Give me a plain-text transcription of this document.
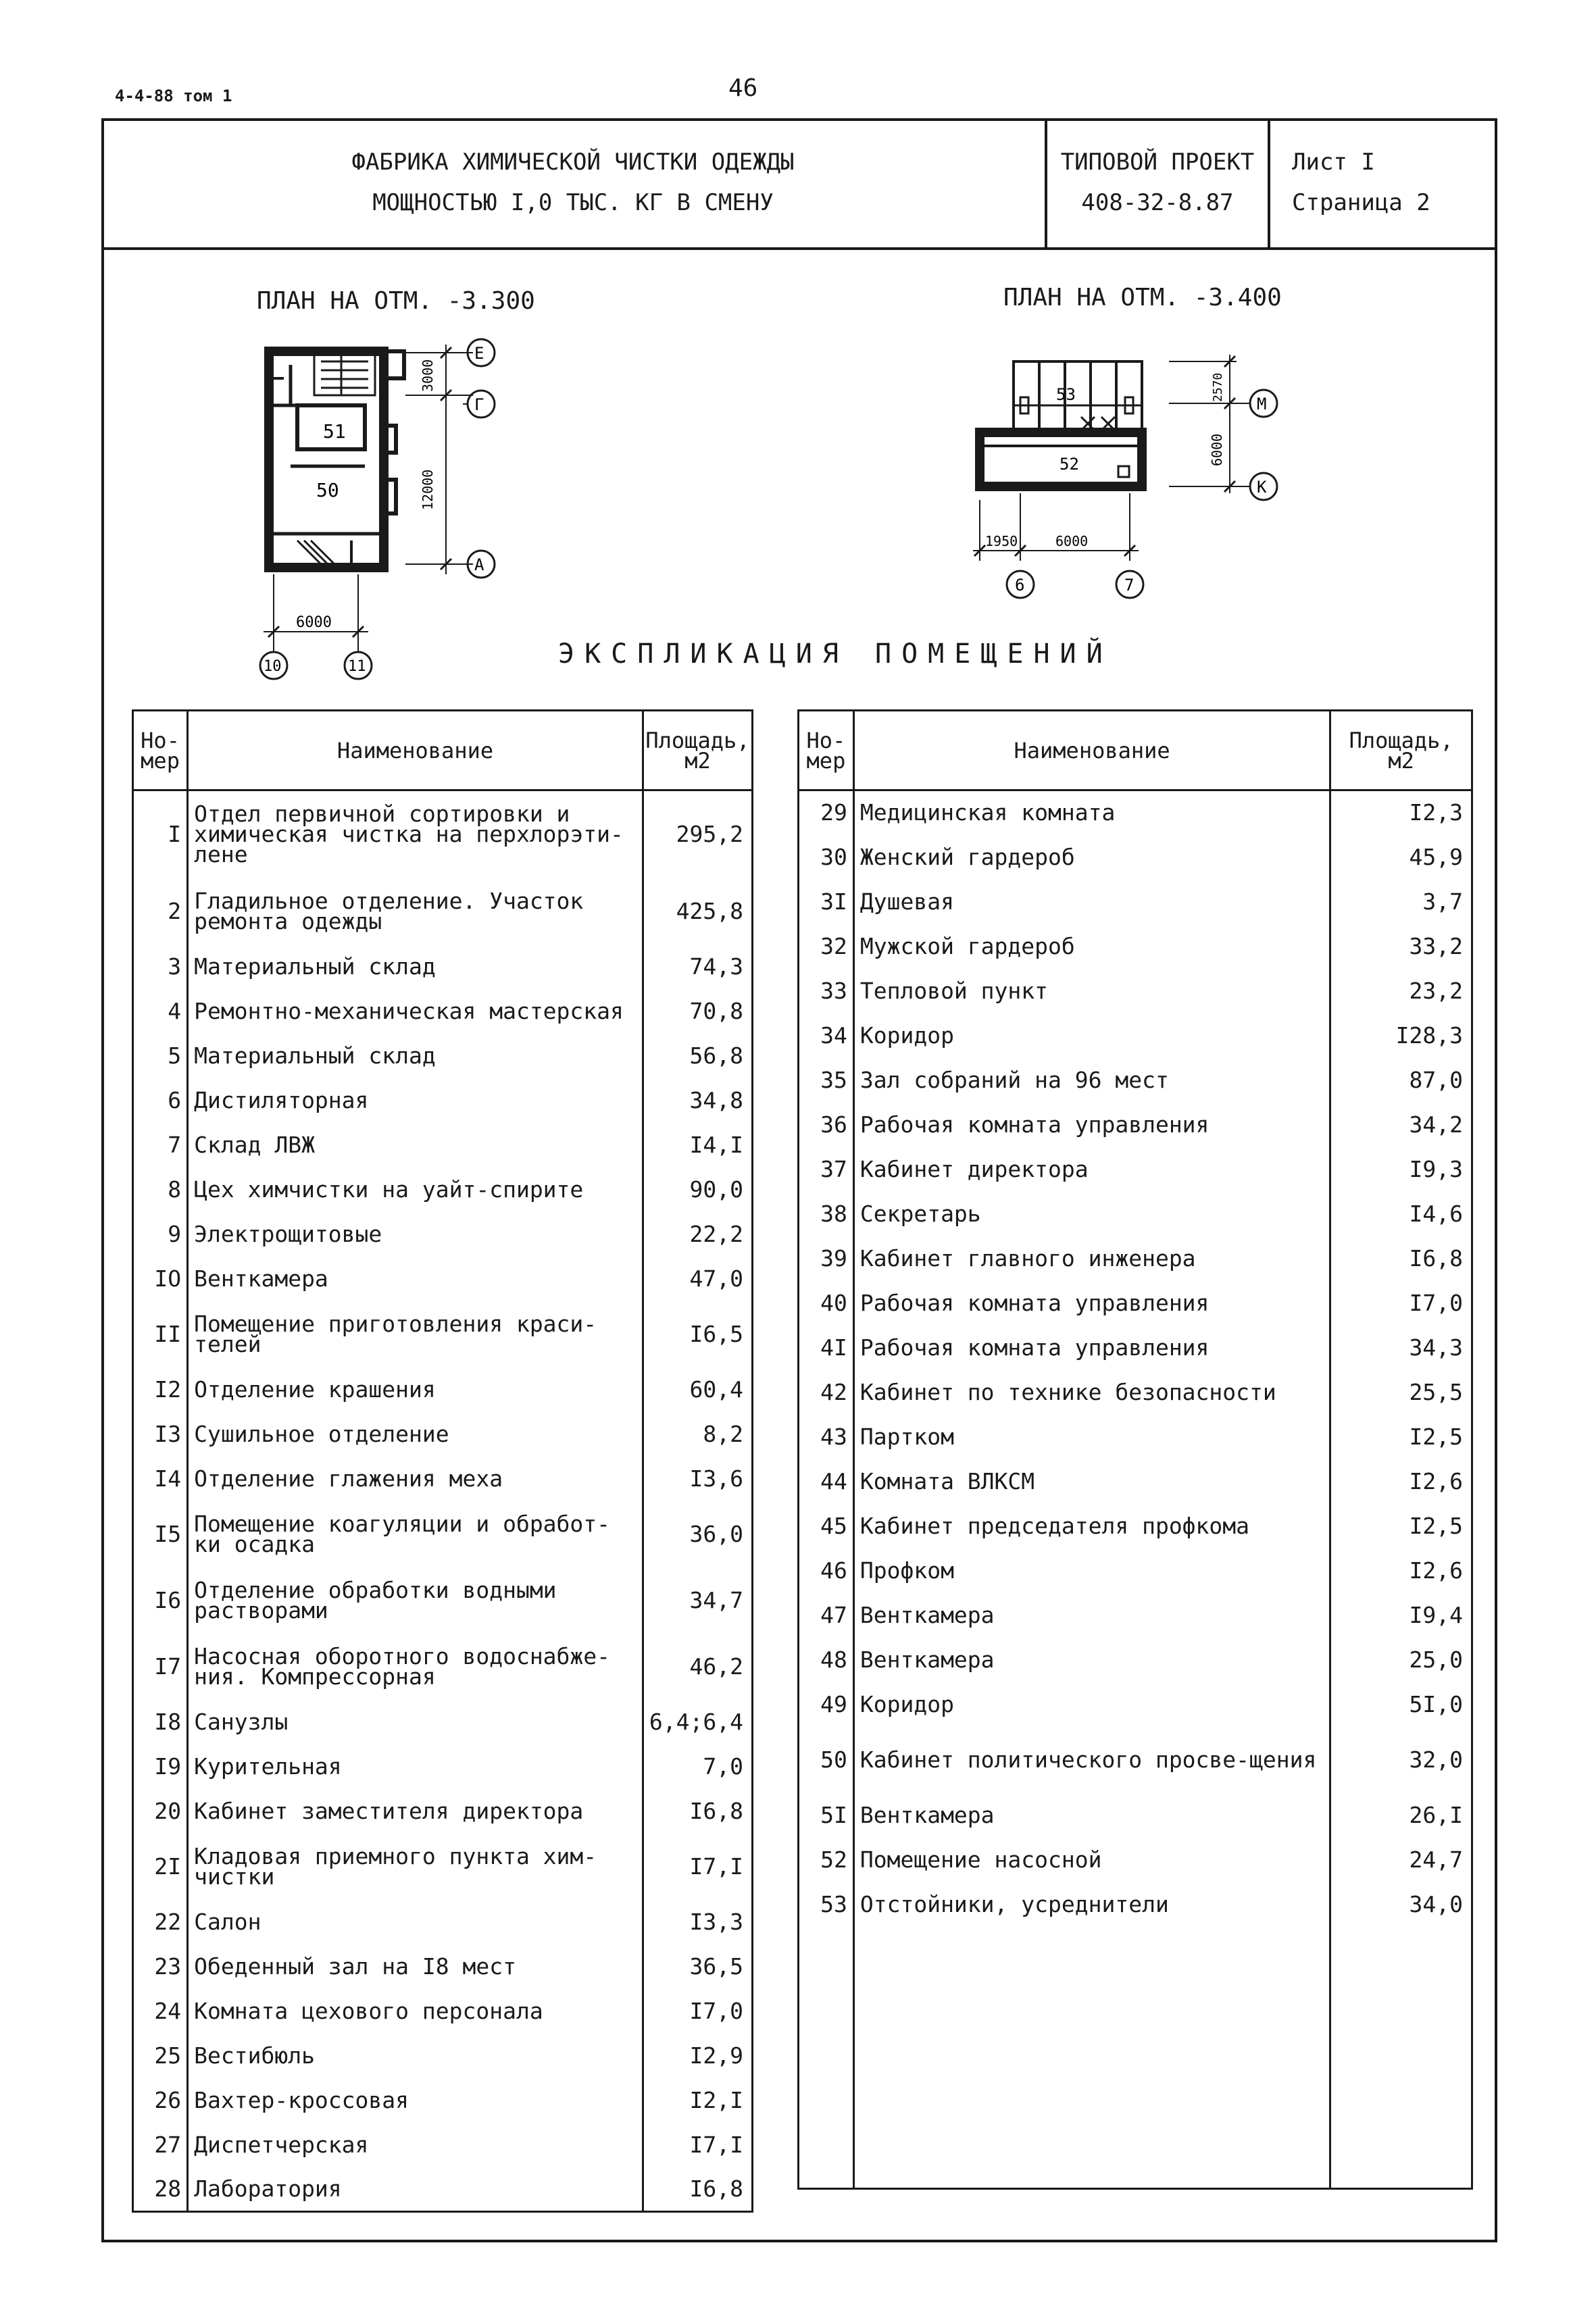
4-4-88 том 1	46
ФАБРИКА ХИМИЧЕСКОЙ ЧИСТКИ ОДЕЖДЫ
МОЩНОСТЬЮ I,0 ТЫС. КГ В СМЕНУ
ТИПОВОЙ ПРОЕКТ
408-32-8.87
Лист I
Страница 2
ПЛАН НА ОТМ. -3.300	ПЛАН НА ОТМ. -3.400
51
50
3000
12000
6000
Е
Г
А
10	11
53
52
2570
6000
1950	6000
М
К
6	7
ЭКСПЛИКАЦИЯ ПОМЕЩЕНИЙ
Но-
мер	Наименование	Площадь,
м2
I	Отдел первичной сортировки и химическая чистка на перхлорэти-лене	295,2
2	Гладильное отделение. Участок ремонта одежды	425,8
3	Материальный склад	74,3
4	Ремонтно-механическая мастерская	70,8
5	Материальный склад	56,8
6	Дистиляторная	34,8
7	Склад ЛВЖ	I4,I
8	Цех химчистки на уайт-спирите	90,0
9	Электрощитовые	22,2
IO	Венткамера	47,0
II	Помещение приготовления краси-телей	I6,5
I2	Отделение крашения	60,4
I3	Сушильное отделение	8,2
I4	Отделение глажения меха	I3,6
I5	Помещение коагуляции и обработ-ки осадка	36,0
I6	Отделение обработки водными растворами	34,7
I7	Насосная оборотного водоснабже-ния. Компрессорная	46,2
I8	Санузлы	6,4;6,4
I9	Курительная	7,0
20	Кабинет заместителя директора	I6,8
2I	Кладовая приемного пункта хим-чистки	I7,I
22	Салон	I3,3
23	Обеденный зал на I8 мест	36,5
24	Комната цехового персонала	I7,0
25	Вестибюль	I2,9
26	Вахтер-кроссовая	I2,I
27	Диспетчерская	I7,I
28	Лаборатория	I6,8
Но-
мер	Наименование	Площадь,
м2
29	Медицинская комната	I2,3
30	Женский гардероб	45,9
3I	Душевая	3,7
32	Мужской гардероб	33,2
33	Тепловой пункт	23,2
34	Коридор	I28,3
35	Зал собраний на 96 мест	87,0
36	Рабочая комната управления	34,2
37	Кабинет директора	I9,3
38	Секретарь	I4,6
39	Кабинет главного инженера	I6,8
40	Рабочая комната управления	I7,0
4I	Рабочая комната управления	34,3
42	Кабинет по технике безопасности	25,5
43	Партком	I2,5
44	Комната ВЛКСМ	I2,6
45	Кабинет председателя профкома	I2,5
46	Профком	I2,6
47	Венткамера	I9,4
48	Венткамера	25,0
49	Коридор	5I,0
50	Кабинет политического просве-щения	32,0
5I	Венткамера	26,I
52	Помещение насосной	24,7
53	Отстойники, усреднители	34,0
